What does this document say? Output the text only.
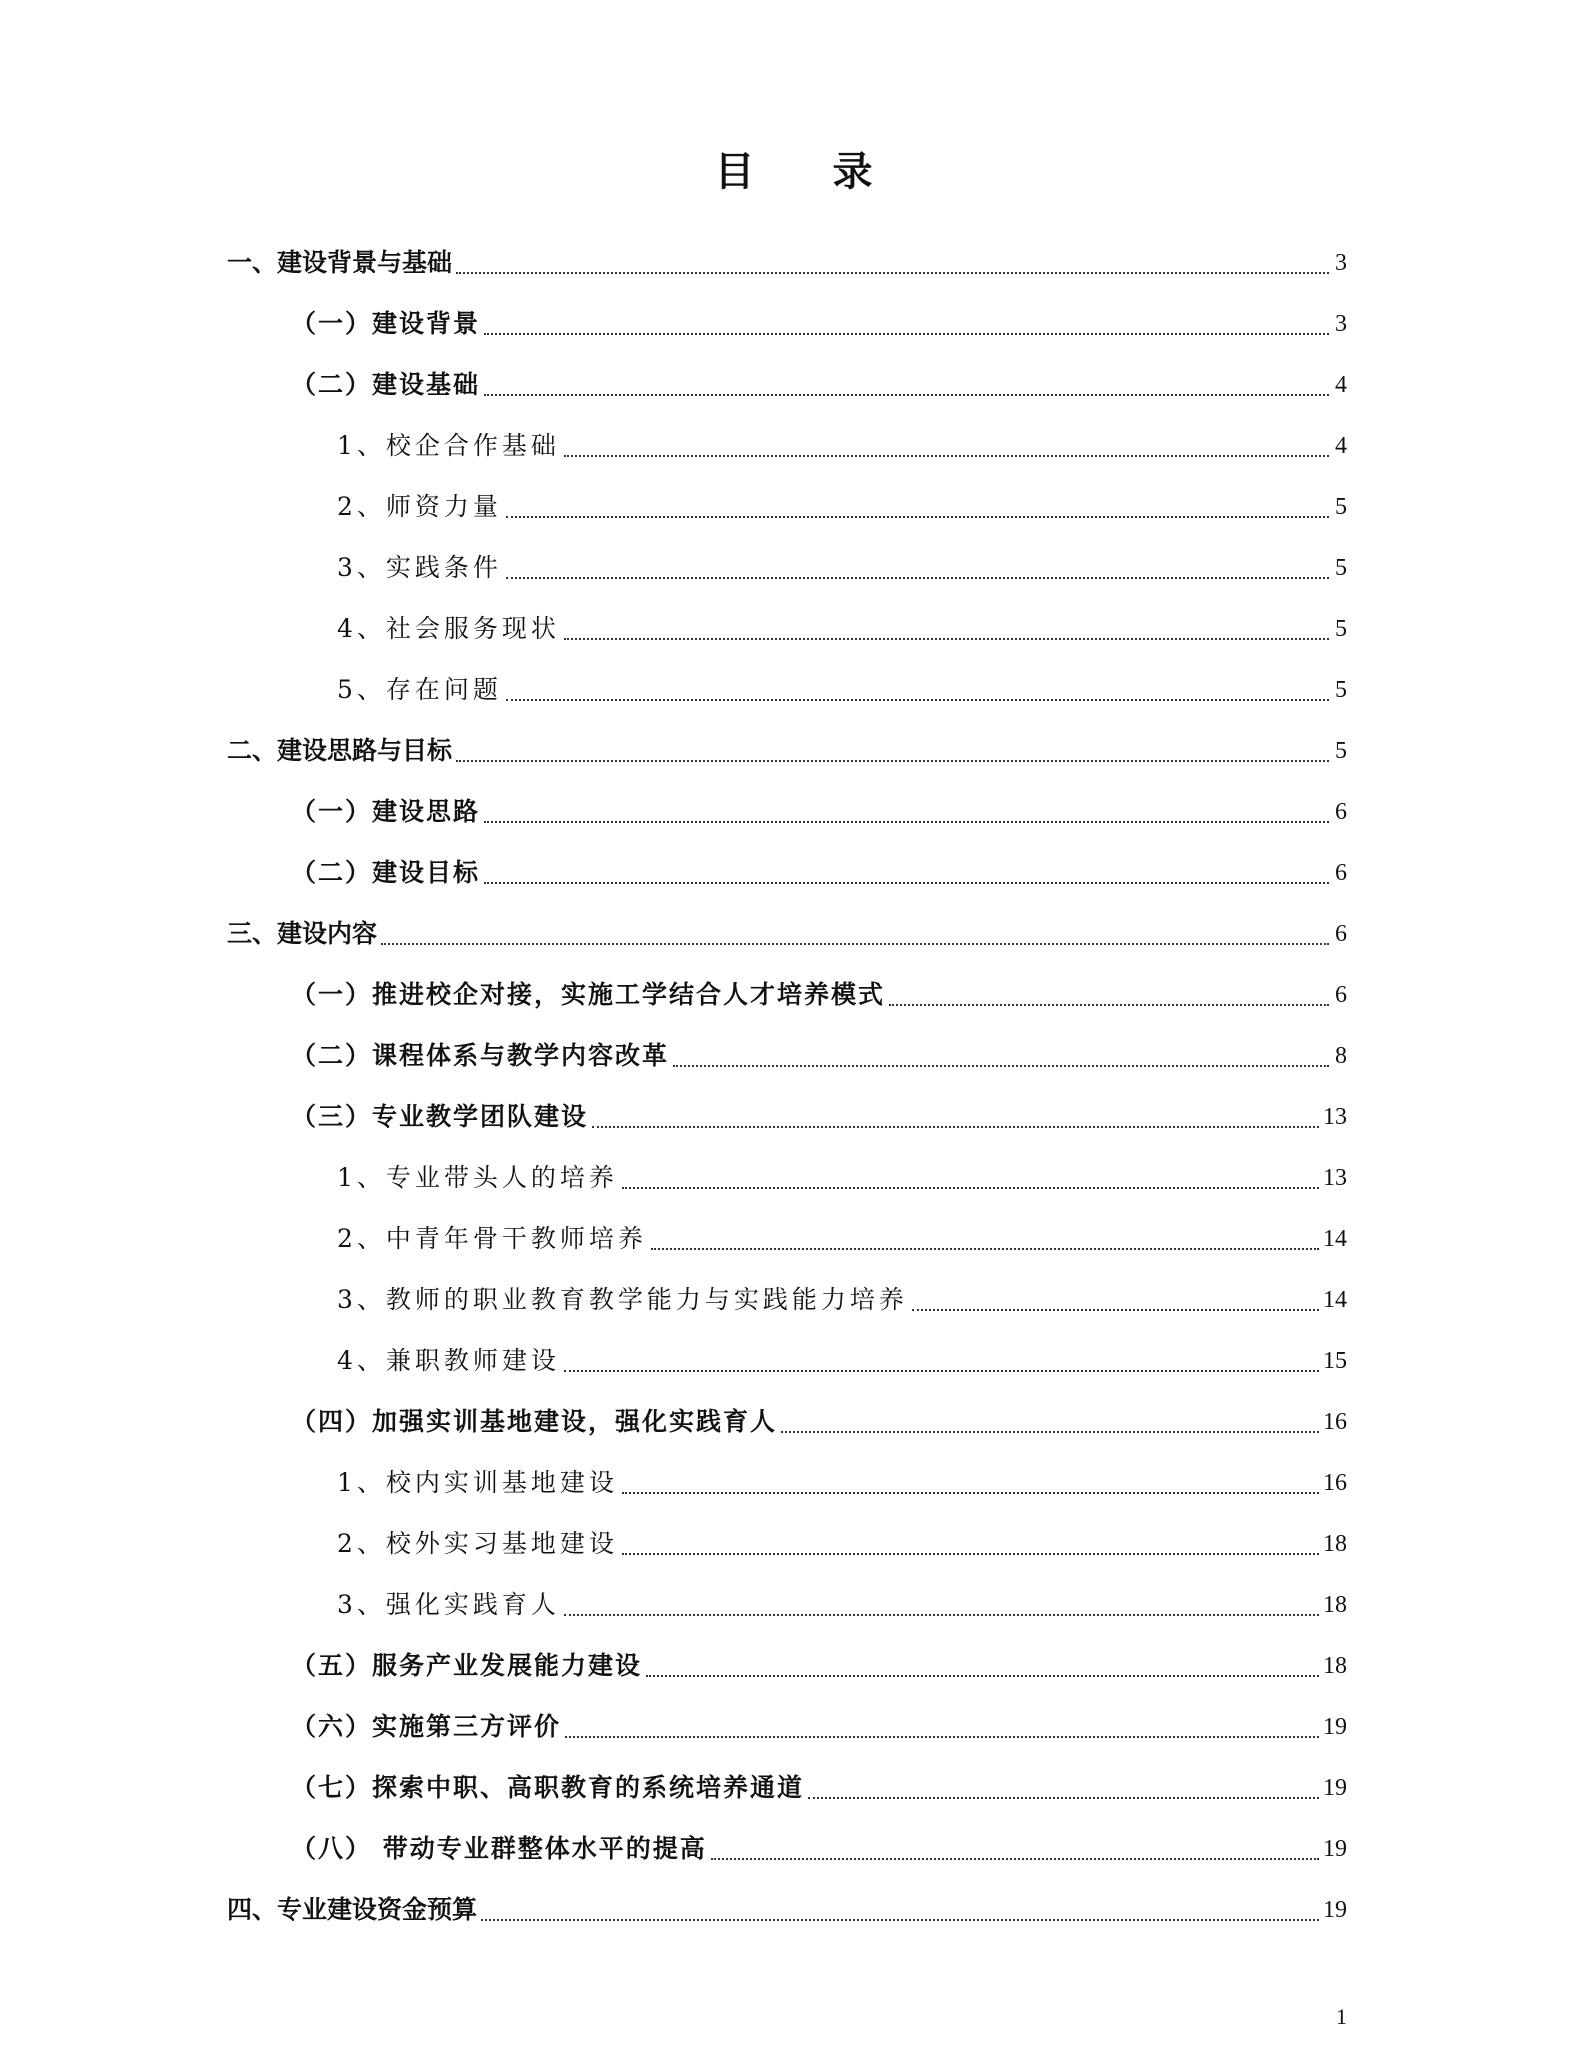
目 录
一、建设背景与基础	3
（一）建设背景	3
（二）建设基础	4
1、校企合作基础	4
2、师资力量	5
3、实践条件	5
4、社会服务现状	5
5、存在问题	5
二、建设思路与目标	5
（一）建设思路	6
（二）建设目标	6
三、建设内容	6
（一）推进校企对接，实施工学结合人才培养模式	6
（二）课程体系与教学内容改革	8
（三）专业教学团队建设	13
1、专业带头人的培养	13
2、中青年骨干教师培养	14
3、教师的职业教育教学能力与实践能力培养	14
4、兼职教师建设	15
（四）加强实训基地建设，强化实践育人	16
1、校内实训基地建设	16
2、校外实习基地建设	18
3、强化实践育人	18
（五）服务产业发展能力建设	18
（六）实施第三方评价	19
（七）探索中职、高职教育的系统培养通道	19
（八） 带动专业群整体水平的提高	19
四、专业建设资金预算	19
1
